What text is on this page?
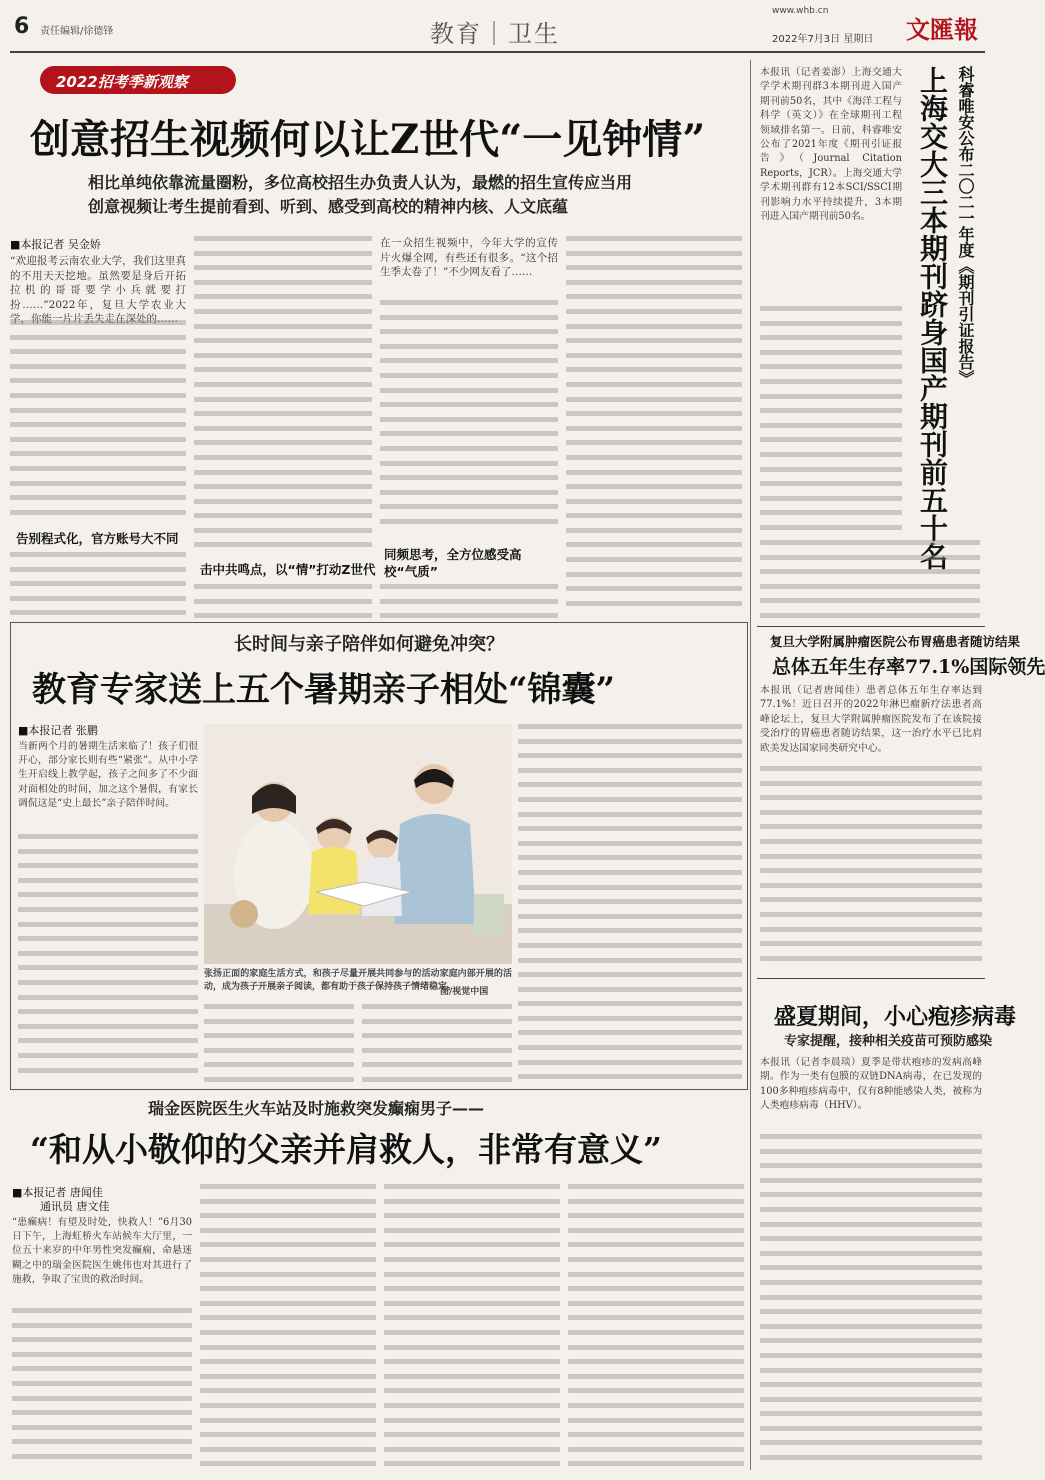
6 责任编辑/徐德锋	教育｜卫生
www.whb.cn
2022年7月3日 星期日 文匯報
2022招考季新观察
创意招生视频何以让Z世代“一见钟情”
相比单纯依靠流量圈粉，多位高校招生办负责人认为，最燃的招生宣传应当用
创意视频让考生提前看到、听到、感受到高校的精神内核、人文底蕴
■本报记者 吴金娇
“欢迎报考云南农业大学，我们这里真的不用天天挖地。虽然要是身后开拓拉机的哥哥要学小兵就要打扮……”2022年，复旦大学农业大学，你能一片片丢失走在深处的……
告别程式化，官方账号大不同
击中共鸣点，以“情”打动Z世代
在一众招生视频中，今年大学的宣传片火爆全网，有些还有很多。“这个招生季太卷了！”不少网友看了……
同频思考，全方位感受高校“气质”
科睿唯安公布二〇二一年度《期刊引证报告》
上海交大三本期刊跻身国产期刊前五十名
本报讯（记者姜澎）上海交通大学学术期刊群3本期刊进入国产期刊前50名，其中《海洋工程与科学（英文）》在全球期刊工程领域排名第一。日前，科睿唯安公布了2021年度《期刊引证报告》（Journal Citation Reports，JCR）。上海交通大学学术期刊群有12本SCI/SSCI期刊影响力水平持续提升，3本期刊进入国产期刊前50名。
复旦大学附属肿瘤医院公布胃癌患者随访结果
总体五年生存率77.1%国际领先
本报讯（记者唐闻佳）患者总体五年生存率达到77.1%！近日召开的2022年淋巴瘤新疗法患者高峰论坛上，复旦大学附属肿瘤医院发布了在该院接受治疗的胃癌患者随访结果，这一治疗水平已比肩欧美发达国家同类研究中心。
盛夏期间，小心疱疹病毒
专家提醒，接种相关疫苗可预防感染
本报讯（记者李晨琰）夏季是带状疱疹的发病高峰期。作为一类有包膜的双链DNA病毒，在已发现的100多种疱疹病毒中，仅有8种能感染人类，被称为人类疱疹病毒（HHV）。
长时间与亲子陪伴如何避免冲突？
教育专家送上五个暑期亲子相处“锦囊”
■本报记者 张鹏
当新两个月的暑期生活来临了！孩子们很开心，部分家长则有些“紧张”。从中小学生开启线上教学起，孩子之间多了不少面对面相处的时间，加之这个暑假，有家长调侃这是“史上最长”亲子陪伴时间。
张扬正面的家庭生活方式，和孩子尽量开展共同参与的活动家庭内部开展的活动，成为孩子开展亲子阅读，都有助于孩子保持孩子情绪稳定。
图/视觉中国
瑞金医院医生火车站及时施救突发癫痫男子——
“和从小敬仰的父亲并肩救人，非常有意义”
■本报记者 唐闻佳
通讯员 唐文佳
“患癫病！有望及时处，快救人！”6月30日下午，上海虹桥火车站候车大厅里，一位五十来岁的中年男性突发癫痫，命悬迷糊之中的瑞金医院医生姚伟也对其进行了施救，争取了宝贵的救治时间。
